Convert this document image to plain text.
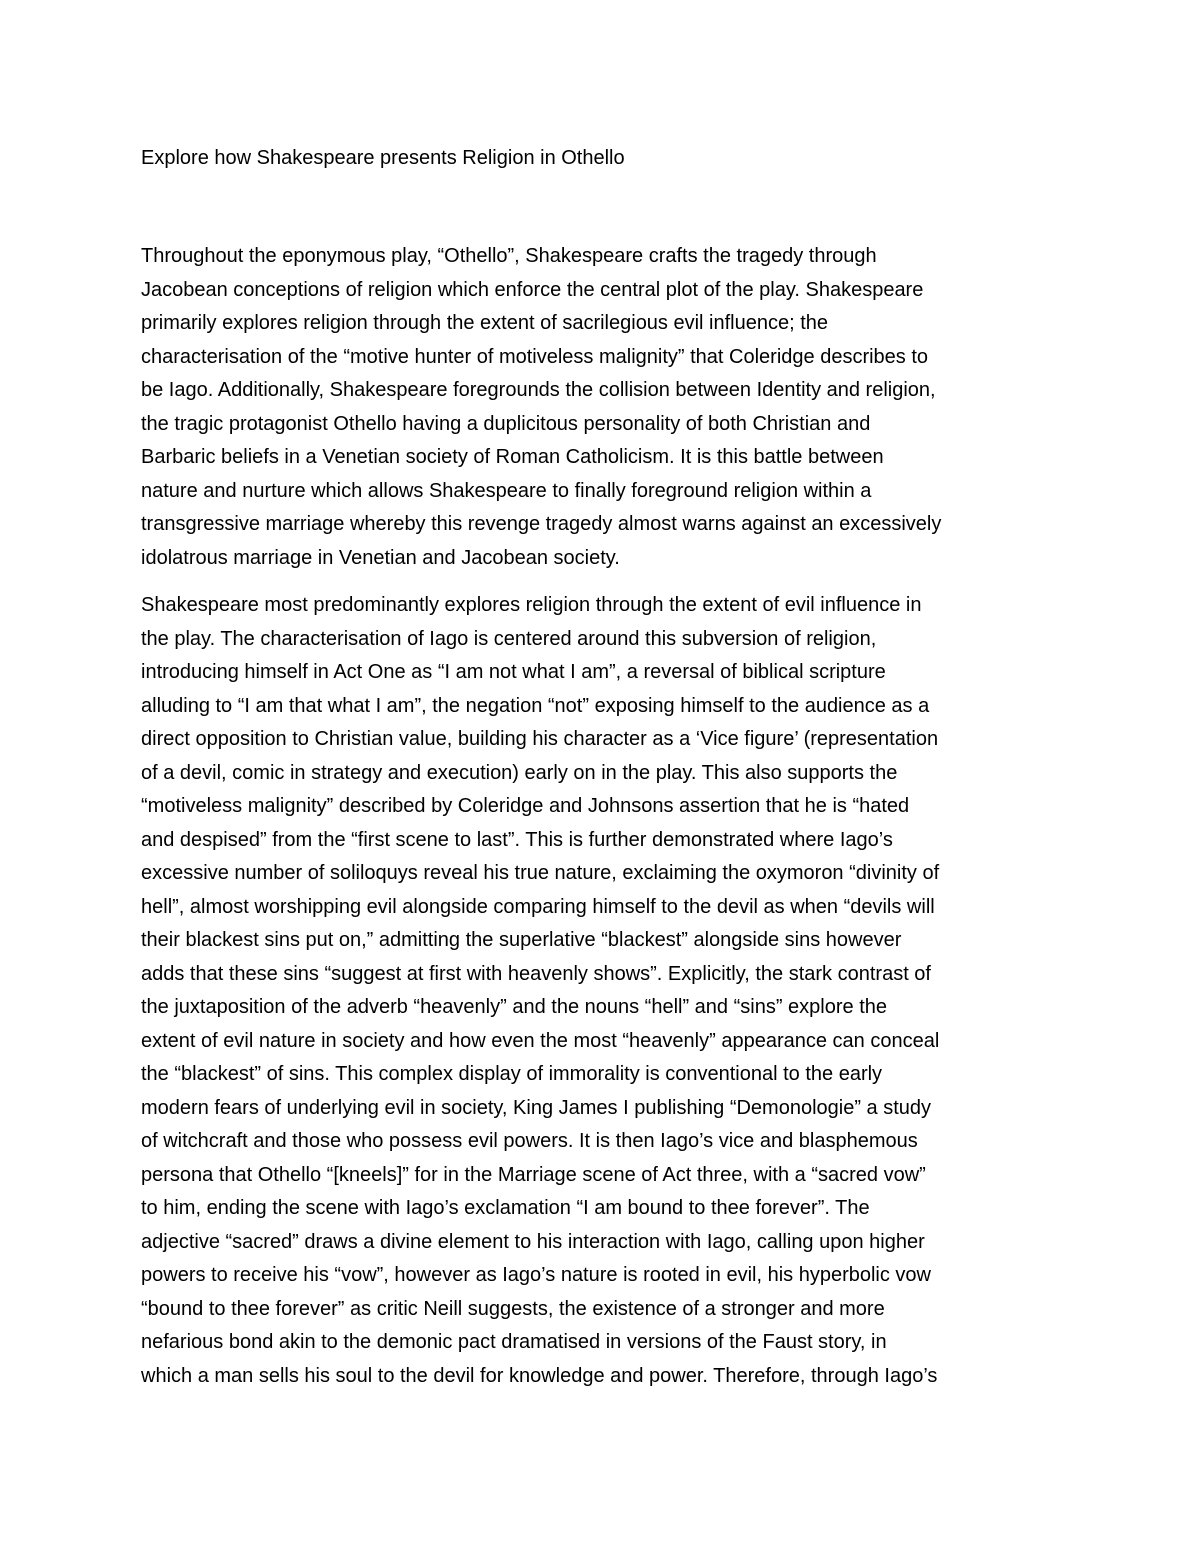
Explore how Shakespeare presents Religion in Othello
Throughout the eponymous play, “Othello”, Shakespeare crafts the tragedy through
Jacobean conceptions of religion which enforce the central plot of the play. Shakespeare
primarily explores religion through the extent of sacrilegious evil influence; the
characterisation of the “motive hunter of motiveless malignity” that Coleridge describes to
be Iago. Additionally, Shakespeare foregrounds the collision between Identity and religion,
the tragic protagonist Othello having a duplicitous personality of both Christian and
Barbaric beliefs in a Venetian society of Roman Catholicism. It is this battle between
nature and nurture which allows Shakespeare to finally foreground religion within a
transgressive marriage whereby this revenge tragedy almost warns against an excessively
idolatrous marriage in Venetian and Jacobean society.
Shakespeare most predominantly explores religion through the extent of evil influence in
the play. The characterisation of Iago is centered around this subversion of religion,
introducing himself in Act One as “I am not what I am”, a reversal of biblical scripture
alluding to “I am that what I am”, the negation “not” exposing himself to the audience as a
direct opposition to Christian value, building his character as a ‘Vice figure’ (representation
of a devil, comic in strategy and execution) early on in the play. This also supports the
“motiveless malignity” described by Coleridge and Johnsons assertion that he is “hated
and despised” from the “first scene to last”. This is further demonstrated where Iago’s
excessive number of soliloquys reveal his true nature, exclaiming the oxymoron “divinity of
hell”, almost worshipping evil alongside comparing himself to the devil as when “devils will
their blackest sins put on,” admitting the superlative “blackest” alongside sins however
adds that these sins “suggest at first with heavenly shows”. Explicitly, the stark contrast of
the juxtaposition of the adverb “heavenly” and the nouns “hell” and “sins” explore the
extent of evil nature in society and how even the most “heavenly” appearance can conceal
the “blackest” of sins. This complex display of immorality is conventional to the early
modern fears of underlying evil in society, King James I publishing “Demonologie” a study
of witchcraft and those who possess evil powers. It is then Iago’s vice and blasphemous
persona that Othello “[kneels]” for in the Marriage scene of Act three, with a “sacred vow”
to him, ending the scene with Iago’s exclamation “I am bound to thee forever”. The
adjective “sacred” draws a divine element to his interaction with Iago, calling upon higher
powers to receive his “vow”, however as Iago’s nature is rooted in evil, his hyperbolic vow
“bound to thee forever” as critic Neill suggests, the existence of a stronger and more
nefarious bond akin to the demonic pact dramatised in versions of the Faust story, in
which a man sells his soul to the devil for knowledge and power. Therefore, through Iago’s
